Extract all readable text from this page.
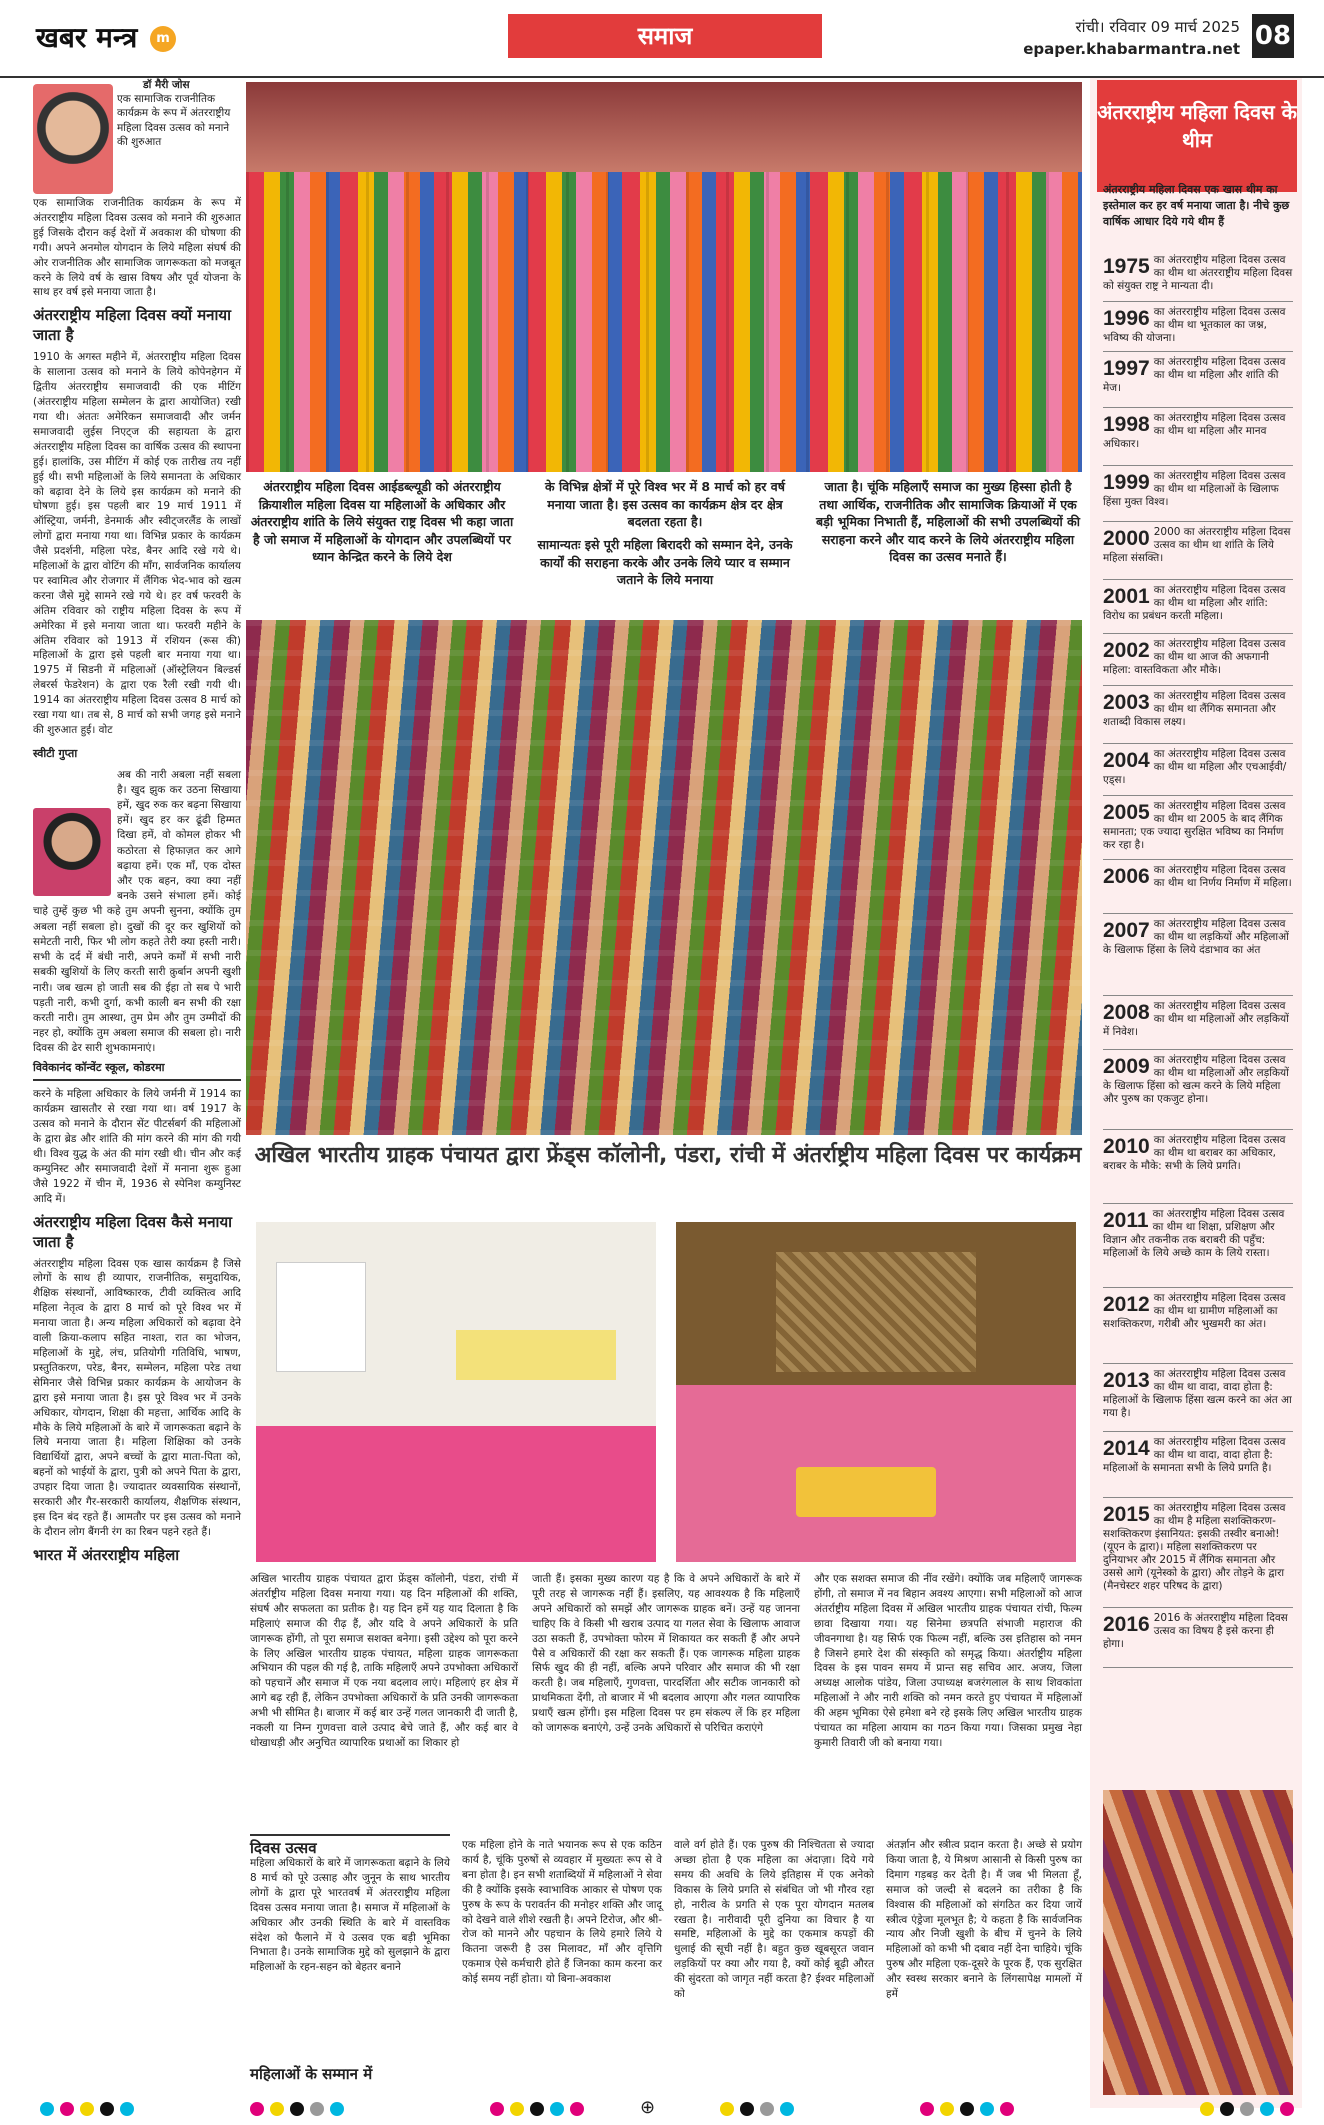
खबर मन्त्र	m	समाज	रांची। रविवार 09 मार्च 2025
epaper.khabarmantra.net 08
डॉ मैरी जोस

एक सामाजिक राजनीतिक कार्यक्रम के रूप में अंतरराष्ट्रीय महिला दिवस उत्सव को मनाने की शुरुआत

एक सामाजिक राजनीतिक कार्यक्रम के रूप में अंतरराष्ट्रीय महिला दिवस उत्सव को मनाने की शुरुआत हुई जिसके दौरान कई देशों में अवकाश की घोषणा की गयी। अपने अनमोल योगदान के लिये महिला संघर्ष की ओर राजनीतिक और सामाजिक जागरूकता को मजबूत करने के लिये वर्ष के खास विषय और पूर्व योजना के साथ हर वर्ष इसे मनाया जाता है।

अंतरराष्ट्रीय महिला दिवस क्यों मनाया जाता है

1910 के अगस्त महीने में, अंतरराष्ट्रीय महिला दिवस के सालाना उत्सव को मनाने के लिये कोपेनहेगन में द्वितीय अंतरराष्ट्रीय समाजवादी की एक मीटिंग (अंतरराष्ट्रीय महिला सम्मेलन के द्वारा आयोजित) रखी गया थी। अंततः अमेरिकन समाजवादी और जर्मन समाजवादी लुईस निएट्ज की सहायता के द्वारा अंतरराष्ट्रीय महिला दिवस का वार्षिक उत्सव की स्थापना हुई। हालांकि, उस मीटिंग में कोई एक तारीख तय नहीं हुई थी। सभी महिलाओं के लिये समानता के अधिकार को बढ़ावा देने के लिये इस कार्यक्रम को मनाने की घोषणा हुई। इस पहली बार 19 मार्च 1911 में ऑस्ट्रिया, जर्मनी, डेनमार्क और स्वीट्जरलैंड के लाखों लोगों द्वारा मनाया गया था। विभिन्न प्रकार के कार्यक्रम जैसे प्रदर्शनी, महिला परेड, बैनर आदि रखे गये थे। महिलाओं के द्वारा वोटिंग की माँग, सार्वजनिक कार्यालय पर स्वामित्व और रोजगार में लैंगिक भेद-भाव को खत्म करना जैसे मुद्दे सामने रखे गये थे। हर वर्ष फरवरी के अंतिम रविवार को राष्ट्रीय महिला दिवस के रूप में अमेरिका में इसे मनाया जाता था। फरवरी महीने के अंतिम रविवार को 1913 में रशियन (रूस की) महिलाओं के द्वारा इसे पहली बार मनाया गया था। 1975 में सिडनी में महिलाओं (ऑस्ट्रेलियन बिल्डर्स लेबरर्स फेडरेशन) के द्वारा एक रैली रखी गयी थी। 1914 का अंतरराष्ट्रीय महिला दिवस उत्सव 8 मार्च को रखा गया था। तब से, 8 मार्च को सभी जगह इसे मनाने की शुरुआत हुई। वोट

स्वीटी गुप्ता

अब की नारी अबला नहीं सबला है। खुद झुक कर उठना सिखाया हमें, खुद रुक कर बढ़ना सिखाया हमें। खुद हर कर ढूंढी हिम्मत दिखा हमें, वो कोमल होकर भी कठोरता से हिफाज़त कर आगे बढ़ाया हमें। एक माँ, एक दोस्त और एक बहन, क्या क्या नहीं बनके उसने संभाला हमें। कोई चाहे तुम्हें कुछ भी कहे तुम अपनी सुनना, क्योंकि तुम अबला नहीं सबला हो। दुखों की दूर कर खुशियों को समेटती नारी, फिर भी लोग कहते तेरी क्या हस्ती नारी। सभी के दर्द में बंधी नारी, अपने कर्मों में सभी नारी सबकी खुशियों के लिए करती सारी क़ुर्बान अपनी खुशी नारी। जब खत्म हो जाती सब की ईहा तो सब पे भारी पड़ती नारी, कभी दुर्गा, कभी काली बन सभी की रक्षा करती नारी। तुम आस्था, तुम प्रेम और तुम उम्मीदों की नहर हो, क्योंकि तुम अबला समाज की सबला हो। नारी दिवस की ढेर सारी शुभकामनाएं।

विवेकानंद कॉन्वेंट स्कूल, कोडरमा

करने के महिला अधिकार के लिये जर्मनी में 1914 का कार्यक्रम खासतौर से रखा गया था। वर्ष 1917 के उत्सव को मनाने के दौरान सेंट पीटर्सबर्ग की महिलाओं के द्वारा ब्रेड और शांति की मांग करने की मांग की गयी थी। विश्व युद्ध के अंत की मांग रखी थी। चीन और कई कम्युनिस्ट और समाजवादी देशों में मनाना शुरू हुआ जैसे 1922 में चीन में, 1936 से स्पेनिश कम्युनिस्ट आदि में।

अंतरराष्ट्रीय महिला दिवस कैसे मनाया जाता है

अंतरराष्ट्रीय महिला दिवस एक खास कार्यक्रम है जिसे लोगों के साथ ही व्यापार, राजनीतिक, समुदायिक, शैक्षिक संस्थानों, आविष्कारक, टीवी व्यक्तित्व आदि महिला नेतृत्व के द्वारा 8 मार्च को पूरे विश्व भर में मनाया जाता है। अन्य महिला अधिकारों को बढ़ावा देने वाली क्रिया-कलाप सहित नाश्ता, रात का भोजन, महिलाओं के मुद्दे, लंच, प्रतियोगी गतिविधि, भाषण, प्रस्तुतिकरण, परेड, बैनर, सम्मेलन, महिला परेड तथा सेमिनार जैसे विभिन्न प्रकार कार्यक्रम के आयोजन के द्वारा इसे मनाया जाता है। इस पूरे विश्व भर में उनके अधिकार, योगदान, शिक्षा की महत्ता, आर्थिक आदि के मौके के लिये महिलाओं के बारे में जागरूकता बढ़ाने के लिये मनाया जाता है। महिला शिक्षिका को उनके विद्यार्थियों द्वारा, अपने बच्चों के द्वारा माता-पिता को, बहनों को भाईयों के द्वारा, पुत्री को अपने पिता के द्वारा, उपहार दिया जाता है। ज्यादातर व्यवसायिक संस्थानों, सरकारी और गैर-सरकारी कार्यालय, शैक्षणिक संस्थान, इस दिन बंद रहते हैं। आमतौर पर इस उत्सव को मनाने के दौरान लोग बैंगनी रंग का रिबन पहने रहते हैं।

भारत में अंतरराष्ट्रीय महिला
अंतरराष्ट्रीय महिला दिवस आईडब्ल्यूडी को अंतरराष्ट्रीय क्रियाशील महिला दिवस या महिलाओं के अधिकार और अंतरराष्ट्रीय शांति के लिये संयुक्त राष्ट्र दिवस भी कहा जाता है जो समाज में महिलाओं के योगदान और उपलब्धियों पर ध्यान केन्द्रित करने के लिये देश
के विभिन्न क्षेत्रों में पूरे विश्व भर में 8 मार्च को हर वर्ष मनाया जाता है। इस उत्सव का कार्यक्रम क्षेत्र दर क्षेत्र बदलता रहता है।
सामान्यतः इसे पूरी महिला बिरादरी को सम्मान देने, उनके कार्यों की सराहना करके और उनके लिये प्यार व सम्मान जताने के लिये मनाया
जाता है। चूंकि महिलाएँ समाज का मुख्य हिस्सा होती है तथा आर्थिक, राजनीतिक और सामाजिक क्रियाओं में एक बड़ी भूमिका निभाती हैं, महिलाओं की सभी उपलब्धियों की सराहना करने और याद करने के लिये अंतरराष्ट्रीय महिला दिवस का उत्सव मनाते हैं।
अखिल भारतीय ग्राहक पंचायत द्वारा फ्रेंड्स कॉलोनी, पंडरा, रांची में अंतर्राष्ट्रीय महिला दिवस पर कार्यक्रम

अखिल भारतीय ग्राहक पंचायत द्वारा फ्रेंड्स कॉलोनी, पंडरा, रांची में अंतर्राष्ट्रीय महिला दिवस मनाया गया। यह दिन महिलाओं की शक्ति, संघर्ष और सफलता का प्रतीक है। यह दिन हमें यह याद दिलाता है कि महिलाएं समाज की रीढ़ हैं, और यदि वे अपने अधिकारों के प्रति जागरूक होंगी, तो पूरा समाज सशक्त बनेगा। इसी उद्देश्य को पूरा करने के लिए अखिल भारतीय ग्राहक पंचायत, महिला ग्राहक जागरूकता अभियान की पहल की गई है, ताकि महिलाएँ अपने उपभोक्ता अधिकारों को पहचानें और समाज में एक नया बदलाव लाएं। महिलाएं हर क्षेत्र में आगे बढ़ रही हैं, लेकिन उपभोक्ता अधिकारों के प्रति उनकी जागरूकता अभी भी सीमित है। बाजार में कई बार उन्हें गलत जानकारी दी जाती है, नकली या निम्न गुणवत्ता वाले उत्पाद बेचे जाते हैं, और कई बार वे धोखाधड़ी और अनुचित व्यापारिक प्रथाओं का शिकार हो

जाती हैं। इसका मुख्य कारण यह है कि वे अपने अधिकारों के बारे में पूरी तरह से जागरूक नहीं हैं। इसलिए, यह आवश्यक है कि महिलाएँ अपने अधिकारों को समझें और जागरूक ग्राहक बनें। उन्हें यह जानना चाहिए कि वे किसी भी खराब उत्पाद या गलत सेवा के खिलाफ आवाज उठा सकती हैं, उपभोक्ता फोरम में शिकायत कर सकती हैं और अपने पैसे व अधिकारों की रक्षा कर सकती हैं। एक जागरूक महिला ग्राहक सिर्फ खुद की ही नहीं, बल्कि अपने परिवार और समाज की भी रक्षा करती है। जब महिलाएँ, गुणवत्ता, पारदर्शिता और सटीक जानकारी को प्राथमिकता देंगी, तो बाजार में भी बदलाव आएगा और गलत व्यापारिक प्रथाएँ खत्म होंगी। इस महिला दिवस पर हम संकल्प लें कि हर महिला को जागरूक बनाएंगे, उन्हें उनके अधिकारों से परिचित कराएंगे

और एक सशक्त समाज की नींव रखेंगे। क्योंकि जब महिलाएँ जागरूक होंगी, तो समाज में नव बिहान अवश्य आएगा। सभी महिलाओं को आज अंतर्राष्ट्रीय महिला दिवस में अखिल भारतीय ग्राहक पंचायत रांची, फिल्म छावा दिखाया गया। यह सिनेमा छत्रपति संभाजी महाराज की जीवनगाथा है। यह सिर्फ एक फिल्म नहीं, बल्कि उस इतिहास को नमन है जिसने हमारे देश की संस्कृति को समृद्ध किया। अंतर्राष्ट्रीय महिला दिवस के इस पावन समय में प्रान्त सह सचिव आर. अजय, जिला अध्यक्ष आलोक पांडेय, जिला उपाध्यक्ष बजरंगलाल के साथ शिवकांता महिलाओं ने और नारी शक्ति को नमन करते हुए पंचायत में महिलाओं की अहम भूमिका ऐसे हमेशा बने रहे इसके लिए अखिल भारतीय ग्राहक पंचायत का महिला आयाम का गठन किया गया। जिसका प्रमुख नेहा कुमारी तिवारी जी को बनाया गया।

दिवस उत्सव

महिला अधिकारों के बारे में जागरूकता बढ़ाने के लिये 8 मार्च को पूरे उत्साह और जुनून के साथ भारतीय लोगों के द्वारा पूरे भारतवर्ष में अंतरराष्ट्रीय महिला दिवस उत्सव मनाया जाता है। समाज में महिलाओं के अधिकार और उनकी स्थिति के बारे में वास्तविक संदेश को फैलाने में ये उत्सव एक बड़ी भूमिका निभाता है। उनके सामाजिक मुद्दे को सुलझाने के द्वारा महिलाओं के रहन-सहन को बेहतर बनाने

एक महिला होने के नाते भयानक रूप से एक कठिन कार्य है, चूंकि पुरुषों से व्यवहार में मुख्यतः रूप से वे बना होता है। इन सभी शताब्दियों में महिलाओं ने सेवा की है क्योंकि इसके स्वाभाविक आकार से पोषण एक पुरुष के रूप के परावर्तन की मनोहर शक्ति और जादू को देखने वाले शीशे रखती है। अपने टिरोज, और श्री-रोज को मानने और पहचान के लिये हमारे लिये ये कितना जरूरी है उस मिलावट, माँ और वृत्तिगि एकमात्र ऐसे कर्मचारी होते हैं जिनका काम करना कर कोई समय नहीं होता। यो बिना-अवकाश

वाले वर्ग होते हैं। एक पुरुष की निश्चितता से ज्यादा अच्छा होता है एक महिला का अंदाज़ा। दिये गये समय की अवधि के लिये इतिहास में एक अनेको विकास के लिये प्रगति से संबंधित जो भी गौरव रहा हो, नारीत्व के प्रगति से एक पूरा योगदान मतलब रखता है। नारीवादी पूरी दुनिया का विचार है या समष्टि, महिलाओं के मुद्दे का एकमात्र कपड़ों की धुलाई की सूची नहीं है। बहुत कुछ खूबसूरत जवान लड़कियों पर क्या और गया है, क्यों कोई बूढ़ी औरत की सुंदरता को जागृत नहीं करता है? ईश्वर महिलाओं को

अंतर्ज्ञान और स्त्रीत्व प्रदान करता है। अच्छे से प्रयोग किया जाता है, ये मिश्रण आसानी से किसी पुरुष का दिमाग गड़बड़ कर देती है। मैं जब भी मिलता हूँ, समाज को जल्दी से बदलने का तरीका है कि विश्वास की महिलाओं को संगठित कर दिया जायें स्त्रीत्व एंड्रेजा मूलभूत है; ये कहता है कि सार्वजनिक न्याय और निजी खुशी के बीच में चुनने के लिये महिलाओं को कभी भी दबाव नहीं देना चाहिये। चूंकि पुरुष और महिला एक-दूसरे के पूरक हैं, एक सुरक्षित और स्वस्थ सरकार बनाने के लिंगसापेक्ष मामलों में हमें

महिलाओं के सम्मान में
अंतरराष्ट्रीय महिला दिवस के थीम
अंतरराष्ट्रीय महिला दिवस एक खास थीम का इस्तेमाल कर हर वर्ष मनाया जाता है। नीचे कुछ वार्षिक आधार दिये गये थीम हैं
1975 का अंतरराष्ट्रीय महिला दिवस उत्सव का थीम था अंतरराष्ट्रीय महिला दिवस को संयुक्त राष्ट्र ने मान्यता दी।
1996 का अंतरराष्ट्रीय महिला दिवस उत्सव का थीम था भूतकाल का जश्न, भविष्य की योजना।
1997 का अंतरराष्ट्रीय महिला दिवस उत्सव का थीम था महिला और शांति की मेज।
1998 का अंतरराष्ट्रीय महिला दिवस उत्सव का थीम था महिला और मानव अधिकार।
1999 का अंतरराष्ट्रीय महिला दिवस उत्सव का थीम था महिलाओं के खिलाफ हिंसा मुक्त विश्व।
2000 2000 का अंतरराष्ट्रीय महिला दिवस उत्सव का थीम था शांति के लिये महिला संसक्ति।
2001 का अंतरराष्ट्रीय महिला दिवस उत्सव का थीम था महिला और शांति: विरोध का प्रबंधन करती महिला।
2002 का अंतरराष्ट्रीय महिला दिवस उत्सव का थीम था आज की अफगानी महिला: वास्तविकता और मौके।
2003 का अंतरराष्ट्रीय महिला दिवस उत्सव का थीम था लैंगिक समानता और शताब्दी विकास लक्ष्य।
2004 का अंतरराष्ट्रीय महिला दिवस उत्सव का थीम था महिला और एचआईवी/एड्स।
2005 का अंतरराष्ट्रीय महिला दिवस उत्सव का थीम था 2005 के बाद लैंगिक समानता; एक ज्यादा सुरक्षित भविष्य का निर्माण कर रहा है।
2006 का अंतरराष्ट्रीय महिला दिवस उत्सव का थीम था निर्णय निर्माण में महिला।
2007 का अंतरराष्ट्रीय महिला दिवस उत्सव का थीम था लड़कियों और महिलाओं के खिलाफ हिंसा के लिये दंडाभाव का अंत
2008 का अंतरराष्ट्रीय महिला दिवस उत्सव का थीम था महिलाओं और लड़कियों में निवेश।
2009 का अंतरराष्ट्रीय महिला दिवस उत्सव का थीम था महिलाओं और लड़कियों के खिलाफ हिंसा को खत्म करने के लिये महिला और पुरुष का एकजुट होना।
2010 का अंतरराष्ट्रीय महिला दिवस उत्सव का थीम था बराबर का अधिकार, बराबर के मौके: सभी के लिये प्रगति।
2011 का अंतरराष्ट्रीय महिला दिवस उत्सव का थीम था शिक्षा, प्रशिक्षण और विज्ञान और तकनीक तक बराबरी की पहुँच: महिलाओं के लिये अच्छे काम के लिये रास्ता।
2012 का अंतरराष्ट्रीय महिला दिवस उत्सव का थीम था ग्रामीण महिलाओं का सशक्तिकरण, गरीबी और भुखमरी का अंत।
2013 का अंतरराष्ट्रीय महिला दिवस उत्सव का थीम था वादा, वादा होता है: महिलाओं के खिलाफ हिंसा खत्म करने का अंत आ गया है।
2014 का अंतरराष्ट्रीय महिला दिवस उत्सव का थीम था वादा, वादा होता है: महिलाओं के समानता सभी के लिये प्रगति है।
2015 का अंतरराष्ट्रीय महिला दिवस उत्सव का थीम है महिला सशक्तिकरण- सशक्तिकरण इंसानियत: इसकी तस्वीर बनाओ! (यूएन के द्वारा)। महिला सशक्तिकरण पर दुनियाभर और 2015 में लैंगिक समानता और उससे आगे (यूनेस्को के द्वारा) और तोड़ने के द्वारा (मैनचेस्टर शहर परिषद के द्वारा)
2016 2016 के अंतरराष्ट्रीय महिला दिवस उत्सव का विषय है इसे करना ही होगा।
⊕
